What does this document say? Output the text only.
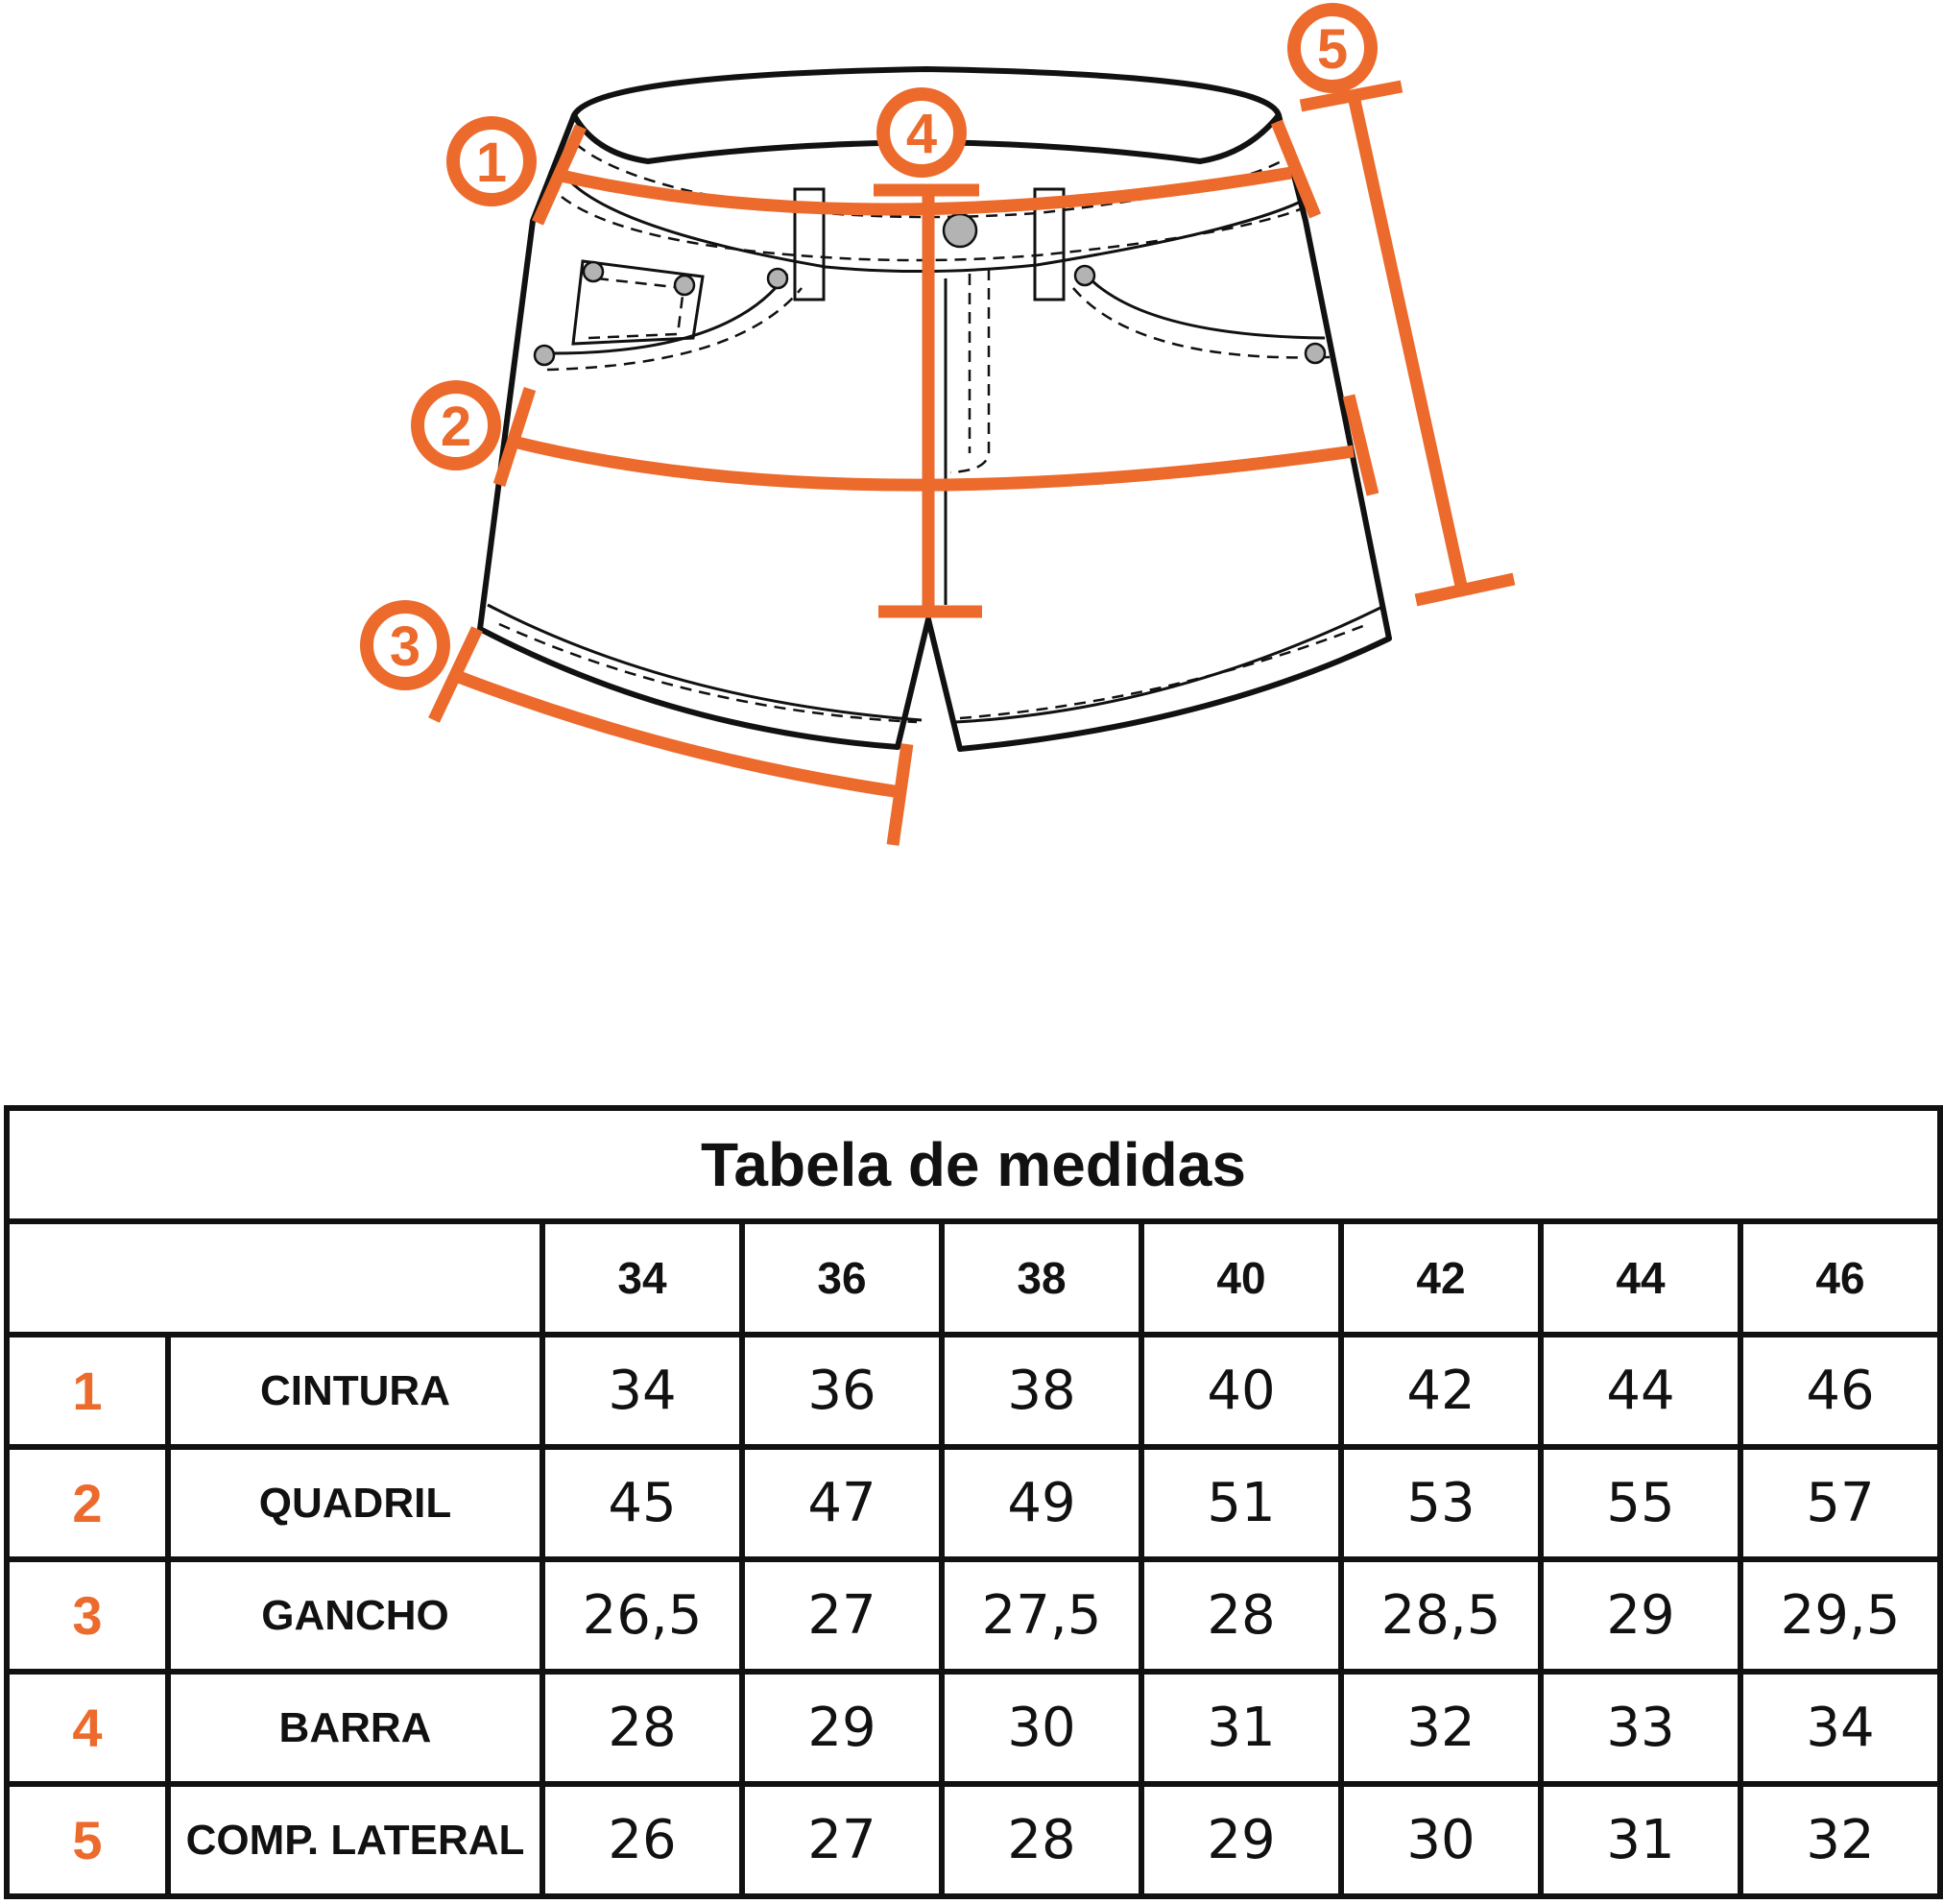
1
2
3
4
5
Tabela de medidas								
		34	36	38	40	42	44	46
1	CINTURA	34	36	38	40	42	44	46
2	QUADRIL	45	47	49	51	53	55	57
3	GANCHO	26,5	27	27,5	28	28,5	29	29,5
4	BARRA	28	29	30	31	32	33	34
5	COMP. LATERAL	26	27	28	29	30	31	32
